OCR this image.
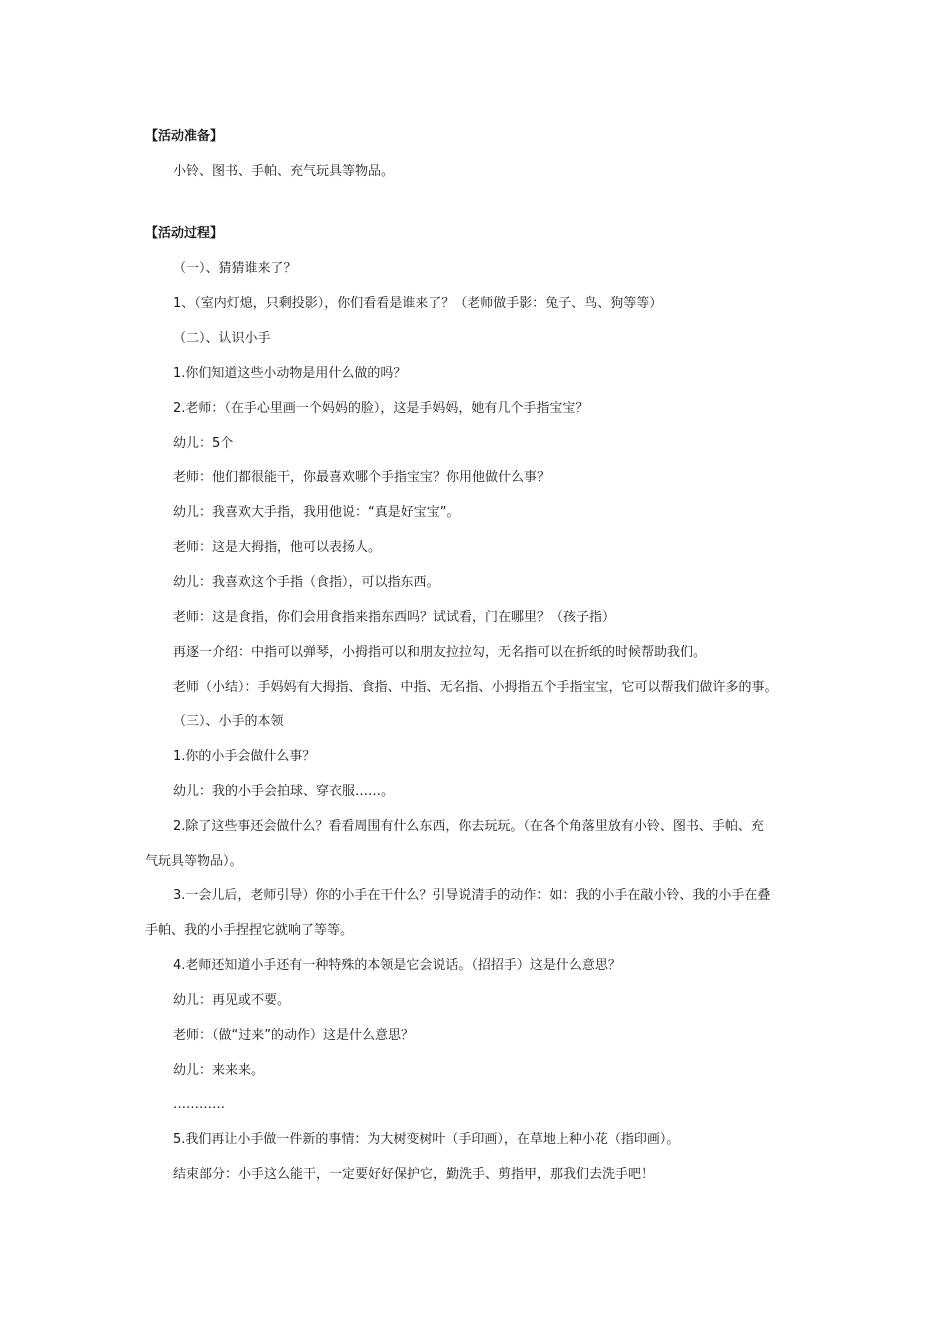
【活动准备】
小铃、图书、手帕、充气玩具等物品。
【活动过程】
（一）、猜猜谁来了？
1、（室内灯熄，只剩投影），你们看看是谁来了？（老师做手影：兔子、鸟、狗等等）
（二）、认识小手
1.你们知道这些小动物是用什么做的吗？
2.老师：（在手心里画一个妈妈的脸），这是手妈妈，她有几个手指宝宝？
幼儿：5个
老师：他们都很能干，你最喜欢哪个手指宝宝？你用他做什么事？
幼儿：我喜欢大手指，我用他说：“真是好宝宝”。
老师：这是大拇指，他可以表扬人。
幼儿：我喜欢这个手指（食指），可以指东西。
老师：这是食指，你们会用食指来指东西吗？试试看，门在哪里？（孩子指）
再逐一介绍：中指可以弹琴，小拇指可以和朋友拉拉勾，无名指可以在折纸的时候帮助我们。
老师（小结）：手妈妈有大拇指、食指、中指、无名指、小拇指五个手指宝宝，它可以帮我们做许多的事。
（三）、小手的本领
1.你的小手会做什么事？
幼儿：我的小手会拍球、穿衣服……。
2.除了这些事还会做什么？看看周围有什么东西，你去玩玩。（在各个角落里放有小铃、图书、手帕、充
气玩具等物品）。
3.一会儿后，老师引导）你的小手在干什么？引导说清手的动作：如：我的小手在敲小铃、我的小手在叠
手帕、我的小手捏捏它就响了等等。
4.老师还知道小手还有一种特殊的本领是它会说话。（招招手）这是什么意思？
幼儿：再见或不要。
老师：（做“过来”的动作）这是什么意思？
幼儿：来来来。
…………
5.我们再让小手做一件新的事情：为大树变树叶（手印画），在草地上种小花（指印画）。
结束部分：小手这么能干，一定要好好保护它，勤洗手、剪指甲，那我们去洗手吧！
